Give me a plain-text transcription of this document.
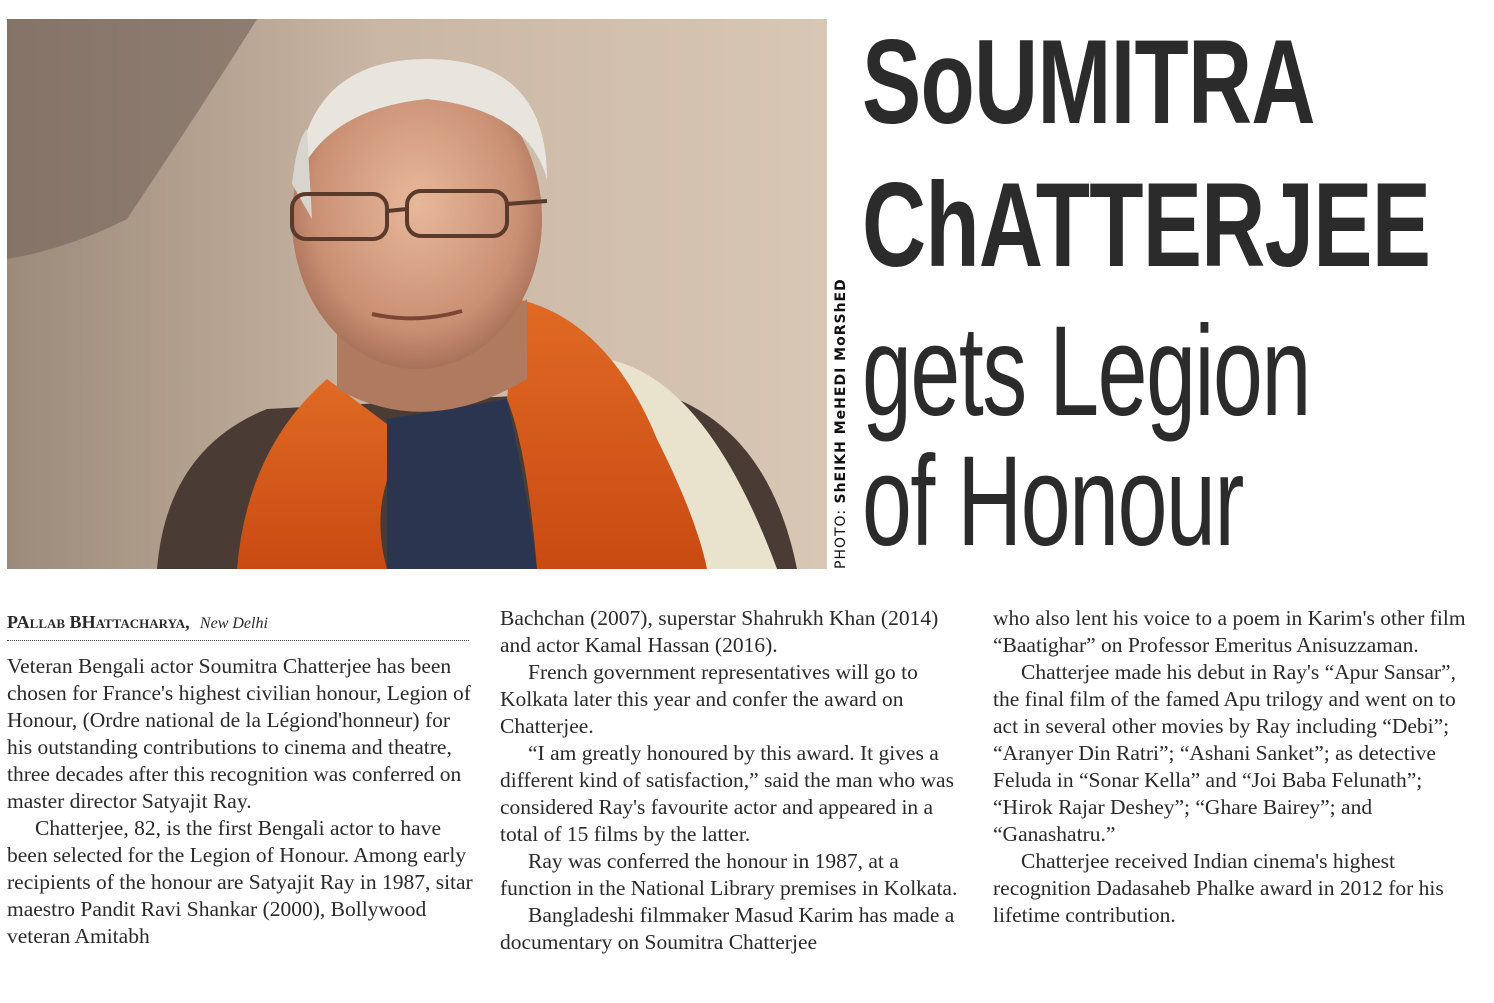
PHOTO: ShEIKH MeHEDI MoRShED
SoUMITRA
ChATTERJEE
gets Legion
of Honour
PAllab BHattacharya, New Delhi

Veteran Bengali actor Soumitra Chatterjee has been chosen for France's highest civilian honour, Legion of Honour, (Ordre national de la Légiond'honneur) for his outstanding contributions to cinema and theatre, three decades after this recognition was conferred on master director Satyajit Ray.

Chatterjee, 82, is the first Bengali actor to have been selected for the Legion of Honour. Among early recipients of the honour are Satyajit Ray in 1987, sitar maestro Pandit Ravi Shankar (2000), Bollywood veteran Amitabh

Bachchan (2007), superstar Shahrukh Khan (2014) and actor Kamal Hassan (2016).

French government representatives will go to Kolkata later this year and confer the award on Chatterjee.

“I am greatly honoured by this award. It gives a different kind of satisfaction,” said the man who was considered Ray's favourite actor and appeared in a total of 15 films by the latter.

Ray was conferred the honour in 1987, at a function in the National Library premises in Kolkata.

Bangladeshi filmmaker Masud Karim has made a documentary on Soumitra Chatterjee

who also lent his voice to a poem in Karim's other film “Baatighar” on Professor Emeritus Anisuzzaman.

Chatterjee made his debut in Ray's “Apur Sansar”, the final film of the famed Apu trilogy and went on to act in several other movies by Ray including “Debi”; “Aranyer Din Ratri”; “Ashani Sanket”; as detective Feluda in “Sonar Kella” and “Joi Baba Felunath”; “Hirok Rajar Deshey”; “Ghare Bairey”; and “Ganashatru.”

Chatterjee received Indian cinema's highest recognition Dadasaheb Phalke award in 2012 for his lifetime contribution.
